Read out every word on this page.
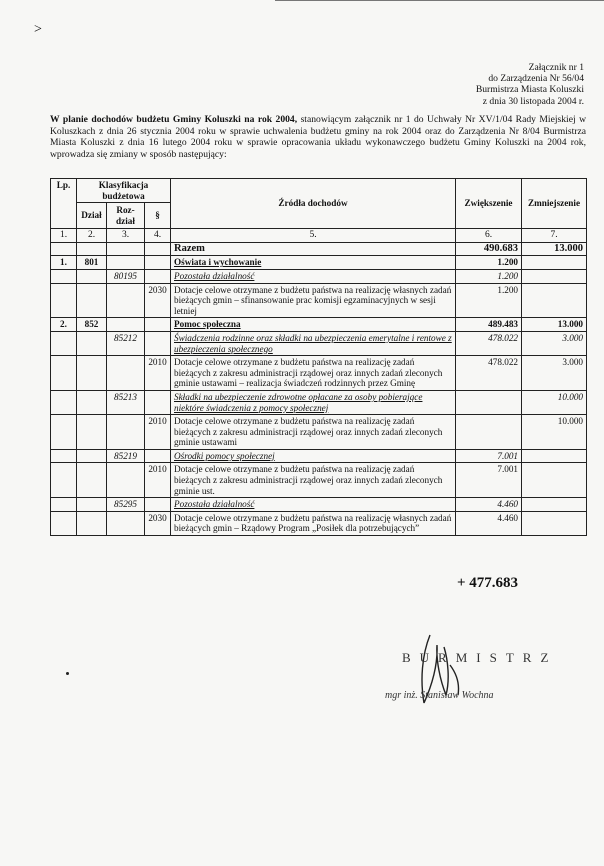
>
Załącznik nr 1
do Zarządzenia Nr 56/04
Burmistrza Miasta Koluszki
z dnia 30 listopada 2004 r.
W planie dochodów budżetu Gminy Koluszki na rok 2004, stanowiącym załącznik nr 1 do Uchwały Nr XV/1/04 Rady Miejskiej w Koluszkach z dnia 26 stycznia 2004 roku w sprawie uchwalenia budżetu gminy na rok 2004 oraz do Zarządzenia Nr 8/04 Burmistrza Miasta Koluszki z dnia 16 lutego 2004 roku w sprawie opracowania układu wykonawczego budżetu Gminy Koluszki na 2004 rok, wprowadza się zmiany w sposób następujący:
Lp.	Klasyfikacja budżetowa			Źródła dochodów	Zwiększenie	Zmniejszenie
	Dział	Roz-dział	§			
1.	2.	3.	4.	5.	6.	7.
				Razem	490.683	13.000
1.	801			Oświata i wychowanie	1.200	
		80195		Pozostała działalność	1.200	
			2030	Dotacje celowe otrzymane z budżetu państwa na realizację własnych zadań bieżących gmin – sfinansowanie prac komisji egzaminacyjnych w sesji letniej	1.200	
2.	852			Pomoc społeczna	489.483	13.000
		85212		Świadczenia rodzinne oraz składki na ubezpieczenia emerytalne i rentowe z ubezpieczenia społecznego	478.022	3.000
			2010	Dotacje celowe otrzymane z budżetu państwa na realizację zadań bieżących z zakresu administracji rządowej oraz innych zadań zleconych gminie ustawami – realizacja świadczeń rodzinnych przez Gminę	478.022	3.000
		85213		Składki na ubezpieczenie zdrowotne opłacane za osoby pobierające niektóre świadczenia z pomocy społecznej		10.000
			2010	Dotacje celowe otrzymane z budżetu państwa na realizację zadań bieżących z zakresu administracji rządowej oraz innych zadań zleconych gminie ustawami		10.000
		85219		Ośrodki pomocy społecznej	7.001	
			2010	Dotacje celowe otrzymane z budżetu państwa na realizację zadań bieżących z zakresu administracji rządowej oraz innych zadań zleconych gminie ust.	7.001	
		85295		Pozostała działalność	4.460	
			2030	Dotacje celowe otrzymane z budżetu państwa na realizację własnych zadań bieżących gmin – Rządowy Program „Posiłek dla potrzebujących”	4.460	
+ 477.683
BURMISTRZ
mgr inż. Stanisław Wochna
